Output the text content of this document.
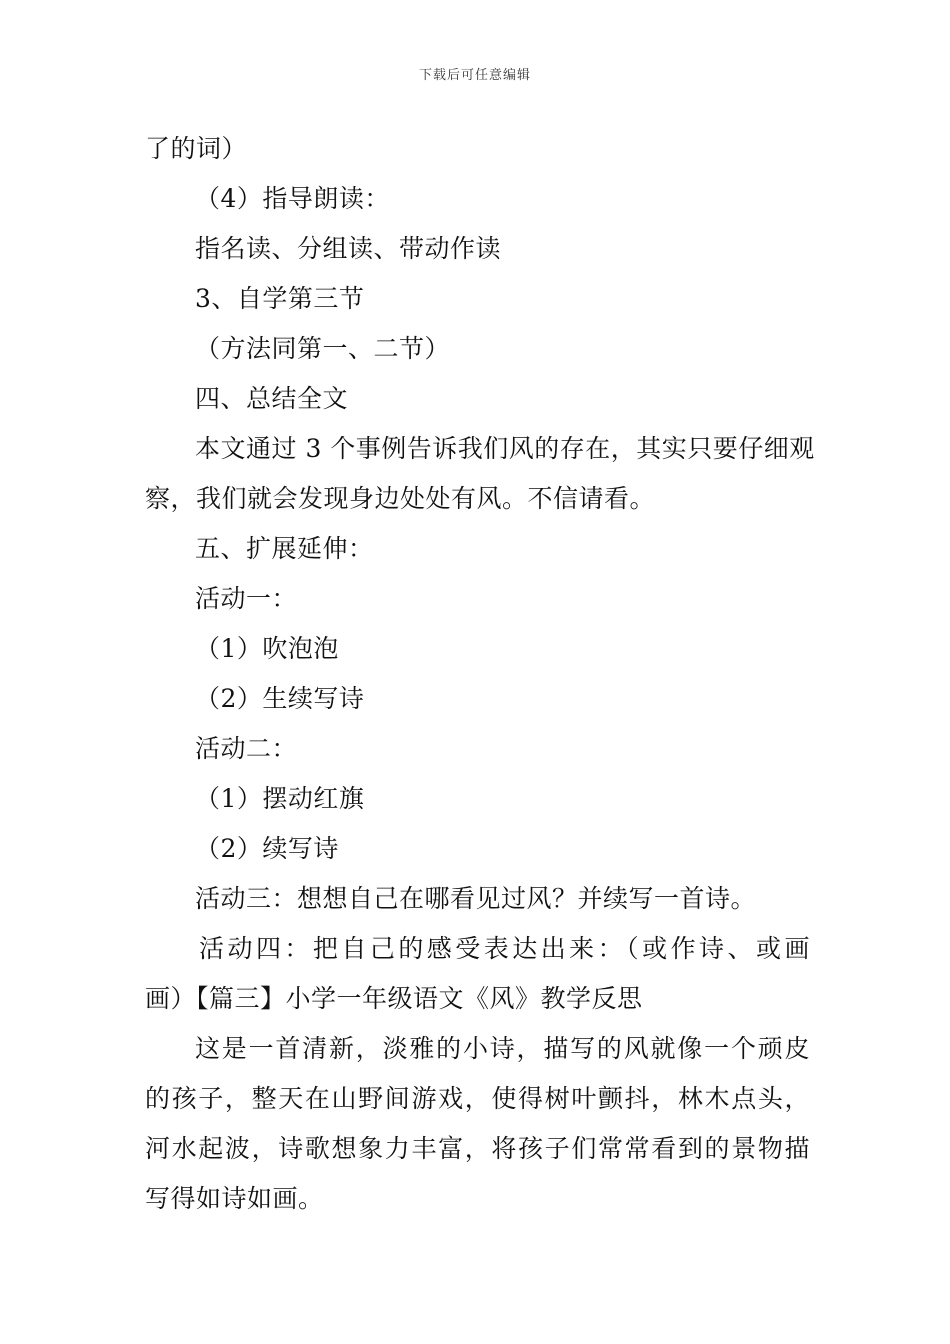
下载后可任意编辑
了的词）
（4）指导朗读：
指名读、分组读、带动作读
3、自学第三节
（方法同第一、二节）
四、总结全文
本文通过 3 个事例告诉我们风的存在，其实只要仔细观
察，我们就会发现身边处处有风。不信请看。
五、扩展延伸：
活动一：
（1）吹泡泡
（2）生续写诗
活动二：
（1）摆动红旗
（2）续写诗
活动三：想想自己在哪看见过风？并续写一首诗。
活动四：把自己的感受表达出来：（或作诗、或画
画）【篇三】小学一年级语文《风》教学反思
这是一首清新，淡雅的小诗，描写的风就像一个顽皮
的孩子，整天在山野间游戏，使得树叶颤抖，林木点头，
河水起波，诗歌想象力丰富，将孩子们常常看到的景物描
写得如诗如画。
